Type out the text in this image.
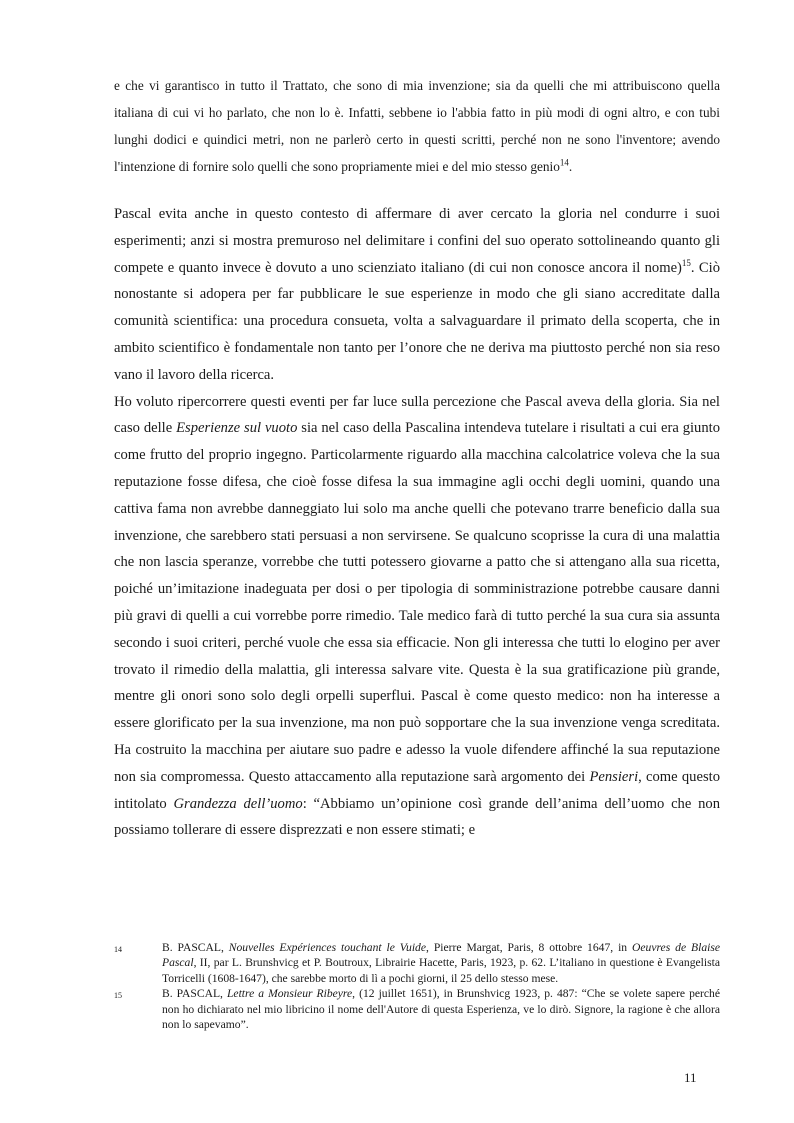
e che vi garantisco in tutto il Trattato, che sono di mia invenzione; sia da quelli che mi attribuiscono quella italiana di cui vi ho parlato, che non lo è. Infatti, sebbene io l'abbia fatto in più modi di ogni altro, e con tubi lunghi dodici e quindici metri, non ne parlerò certo in questi scritti, perché non ne sono l'inventore; avendo l'intenzione di fornire solo quelli che sono propriamente miei e del mio stesso genio$^{14}$.

Pascal evita anche in questo contesto di affermare di aver cercato la gloria nel condurre i suoi esperimenti; anzi si mostra premuroso nel delimitare i confini del suo operato sottolineando quanto gli compete e quanto invece è dovuto a uno scienziato italiano (di cui non conosce ancora il nome)$^{15}$. Ciò nonostante si adopera per far pubblicare le sue esperienze in modo che gli siano accreditate dalla comunità scientifica: una procedura consueta, volta a salvaguardare il primato della scoperta, che in ambito scientifico è fondamentale non tanto per l’onore che ne deriva ma piuttosto perché non sia reso vano il lavoro della ricerca.

Ho voluto ripercorrere questi eventi per far luce sulla percezione che Pascal aveva della gloria. Sia nel caso delle Esperienze sul vuoto sia nel caso della Pascalina intendeva tutelare i risultati a cui era giunto come frutto del proprio ingegno. Particolarmente riguardo alla macchina calcolatrice voleva che la sua reputazione fosse difesa, che cioè fosse difesa la sua immagine agli occhi degli uomini, quando una cattiva fama non avrebbe danneggiato lui solo ma anche quelli che potevano trarre beneficio dalla sua invenzione, che sarebbero stati persuasi a non servirsene. Se qualcuno scoprisse la cura di una malattia che non lascia speranze, vorrebbe che tutti potessero giovarne a patto che si attengano alla sua ricetta, poiché un’imitazione inadeguata per dosi o per tipologia di somministrazione potrebbe causare danni più gravi di quelli a cui vorrebbe porre rimedio. Tale medico farà di tutto perché la sua cura sia assunta secondo i suoi criteri, perché vuole che essa sia efficacie. Non gli interessa che tutti lo elogino per aver trovato il rimedio della malattia, gli interessa salvare vite. Questa è la sua gratificazione più grande, mentre gli onori sono solo degli orpelli superflui. Pascal è come questo medico: non ha interesse a essere glorificato per la sua invenzione, ma non può sopportare che la sua invenzione venga screditata. Ha costruito la macchina per aiutare suo padre e adesso la vuole difendere affinché la sua reputazione non sia compromessa. Questo attaccamento alla reputazione sarà argomento dei Pensieri, come questo intitolato Grandezza dell’uomo: “Abbiamo un’opinione così grande dell’anima dell’uomo che non possiamo tollerare di essere disprezzati e non essere stimati; e

14	B. PASCAL, Nouvelles Expériences touchant le Vuide, Pierre Margat, Paris, 8 ottobre 1647, in Oeuvres de Blaise Pascal, II, par L. Brunshvicg et P. Boutroux, Librairie Hacette, Paris, 1923, p. 62. L’italiano in questione è Evangelista Torricelli (1608-1647), che sarebbe morto di lì a pochi giorni, il 25 dello stesso mese.
15	B. PASCAL, Lettre a Monsieur Ribeyre, (12 juillet 1651), in Brunshvicg 1923, p. 487: “Che se volete sapere perché non ho dichiarato nel mio libricino il nome dell'Autore di questa Esperienza, ve lo dirò. Signore, la ragione è che allora non lo sapevamo”.
11
